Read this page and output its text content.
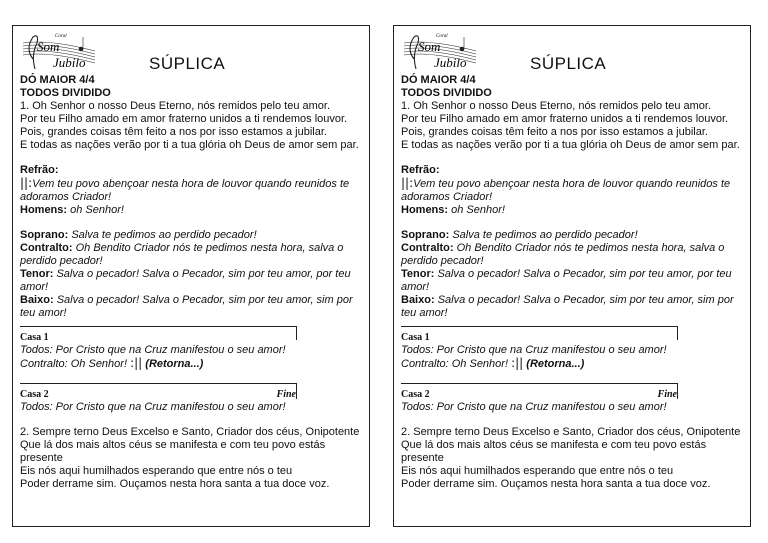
Coral
Som
Jubilo	SÚPLICA

DÓ MAIOR 4/4

TODOS DIVIDIDO

1. Oh Senhor o nosso Deus Eterno, nós remidos pelo teu amor.

Por teu Filho amado em amor fraterno unidos a ti rendemos louvor.

Pois, grandes coisas têm feito a nos por isso estamos a jubilar.

E todas as nações verão por ti a tua glória oh Deus de amor sem par.

Refrão:

||:Vem teu povo abençoar nesta hora de louvor quando reunidos te adoramos Criador!

Homens: oh Senhor!

Soprano: Salva te pedimos ao perdido pecador!

Contralto: Oh Bendito Criador nós te pedimos nesta hora, salva o perdido pecador!

Tenor: Salva o pecador! Salva o Pecador, sim por teu amor, por teu amor!

Baixo: Salva o pecador! Salva o Pecador, sim por teu amor, sim por teu amor!

Casa 1

Todos: Por Cristo que na Cruz manifestou o seu amor!

Contralto: Oh Senhor! :|| (Retorna...)

Casa 2	Fine

Todos: Por Cristo que na Cruz manifestou o seu amor!

2. Sempre terno Deus Excelso e Santo, Criador dos céus, Onipotente

Que lá dos mais altos céus se manifesta e com teu povo estás presente

Eis nós aqui humilhados esperando que entre nós o teu

Poder derrame sim. Ouçamos nesta hora santa a tua doce voz.

Coral
Som
Jubilo	SÚPLICA

DÓ MAIOR 4/4

TODOS DIVIDIDO

1. Oh Senhor o nosso Deus Eterno, nós remidos pelo teu amor.

Por teu Filho amado em amor fraterno unidos a ti rendemos louvor.

Pois, grandes coisas têm feito a nos por isso estamos a jubilar.

E todas as nações verão por ti a tua glória oh Deus de amor sem par.

Refrão:

||:Vem teu povo abençoar nesta hora de louvor quando reunidos te adoramos Criador!

Homens: oh Senhor!

Soprano: Salva te pedimos ao perdido pecador!

Contralto: Oh Bendito Criador nós te pedimos nesta hora, salva o perdido pecador!

Tenor: Salva o pecador! Salva o Pecador, sim por teu amor, por teu amor!

Baixo: Salva o pecador! Salva o Pecador, sim por teu amor, sim por teu amor!

Casa 1

Todos: Por Cristo que na Cruz manifestou o seu amor!

Contralto: Oh Senhor! :|| (Retorna...)

Casa 2	Fine

Todos: Por Cristo que na Cruz manifestou o seu amor!

2. Sempre terno Deus Excelso e Santo, Criador dos céus, Onipotente

Que lá dos mais altos céus se manifesta e com teu povo estás presente

Eis nós aqui humilhados esperando que entre nós o teu

Poder derrame sim. Ouçamos nesta hora santa a tua doce voz.
